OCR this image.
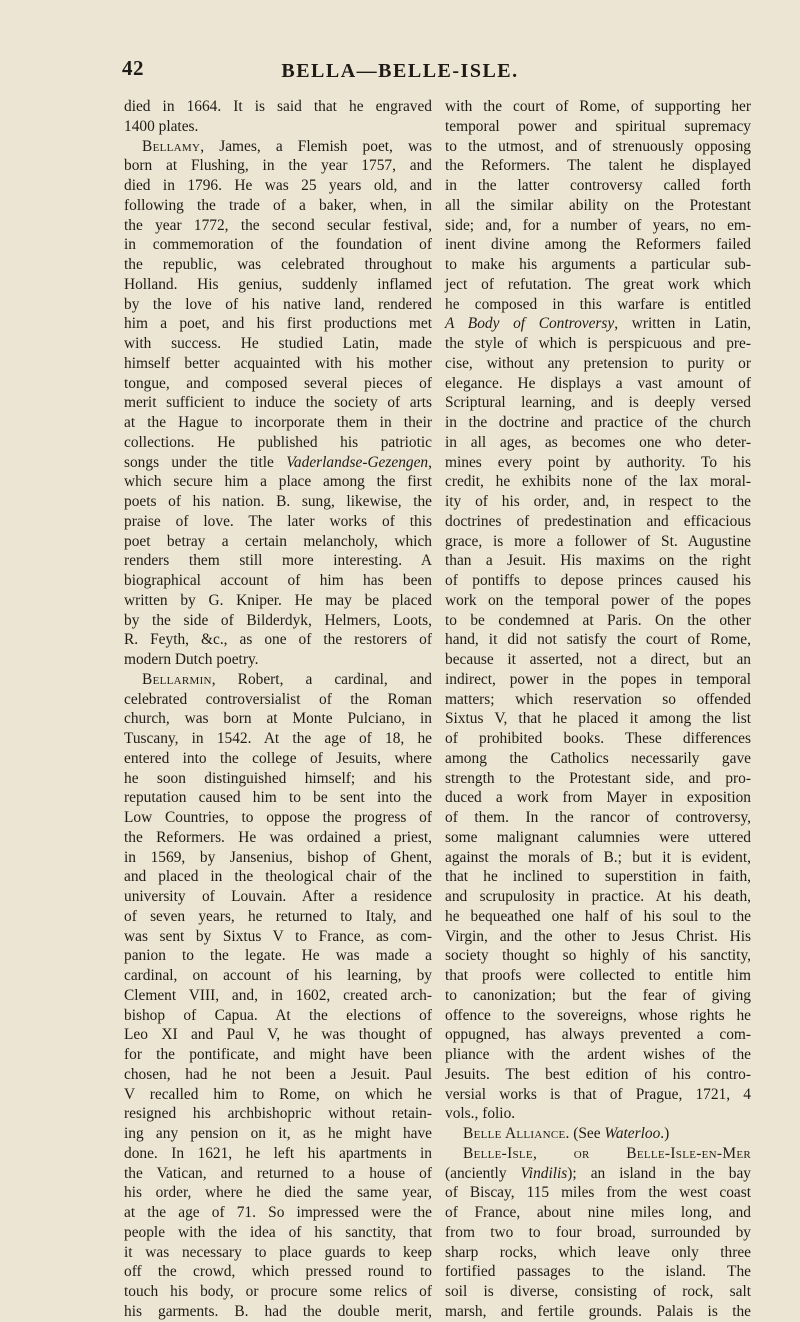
42	BELLA—BELLE-ISLE.
died in 1664. It is said that he engraved
1400 plates.
Bellamy, James, a Flemish poet, was
born at Flushing, in the year 1757, and
died in 1796. He was 25 years old, and
following the trade of a baker, when, in
the year 1772, the second secular festival,
in commemoration of the foundation of
the republic, was celebrated throughout
Holland. His genius, suddenly inflamed
by the love of his native land, rendered
him a poet, and his first productions met
with success. He studied Latin, made
himself better acquainted with his mother
tongue, and composed several pieces of
merit sufficient to induce the society of arts
at the Hague to incorporate them in their
collections. He published his patriotic
songs under the title Vaderlandse-Gezengen,
which secure him a place among the first
poets of his nation. B. sung, likewise, the
praise of love. The later works of this
poet betray a certain melancholy, which
renders them still more interesting. A
biographical account of him has been
written by G. Kniper. He may be placed
by the side of Bilderdyk, Helmers, Loots,
R. Feyth, &c., as one of the restorers of
modern Dutch poetry.
Bellarmin, Robert, a cardinal, and
celebrated controversialist of the Roman
church, was born at Monte Pulciano, in
Tuscany, in 1542. At the age of 18, he
entered into the college of Jesuits, where
he soon distinguished himself; and his
reputation caused him to be sent into the
Low Countries, to oppose the progress of
the Reformers. He was ordained a priest,
in 1569, by Jansenius, bishop of Ghent,
and placed in the theological chair of the
university of Louvain. After a residence
of seven years, he returned to Italy, and
was sent by Sixtus V to France, as com-
panion to the legate. He was made a
cardinal, on account of his learning, by
Clement VIII, and, in 1602, created arch-
bishop of Capua. At the elections of
Leo XI and Paul V, he was thought of
for the pontificate, and might have been
chosen, had he not been a Jesuit. Paul
V recalled him to Rome, on which he
resigned his archbishopric without retain-
ing any pension on it, as he might have
done. In 1621, he left his apartments in
the Vatican, and returned to a house of
his order, where he died the same year,
at the age of 71. So impressed were the
people with the idea of his sanctity, that
it was necessary to place guards to keep
off the crowd, which pressed round to
touch his body, or procure some relics of
his garments. B. had the double merit,
with the court of Rome, of supporting her
temporal power and spiritual supremacy
to the utmost, and of strenuously opposing
the Reformers. The talent he displayed
in the latter controversy called forth
all the similar ability on the Protestant
side; and, for a number of years, no em-
inent divine among the Reformers failed
to make his arguments a particular sub-
ject of refutation. The great work which
he composed in this warfare is entitled
A Body of Controversy, written in Latin,
the style of which is perspicuous and pre-
cise, without any pretension to purity or
elegance. He displays a vast amount of
Scriptural learning, and is deeply versed
in the doctrine and practice of the church
in all ages, as becomes one who deter-
mines every point by authority. To his
credit, he exhibits none of the lax moral-
ity of his order, and, in respect to the
doctrines of predestination and efficacious
grace, is more a follower of St. Augustine
than a Jesuit. His maxims on the right
of pontiffs to depose princes caused his
work on the temporal power of the popes
to be condemned at Paris. On the other
hand, it did not satisfy the court of Rome,
because it asserted, not a direct, but an
indirect, power in the popes in temporal
matters; which reservation so offended
Sixtus V, that he placed it among the list
of prohibited books. These differences
among the Catholics necessarily gave
strength to the Protestant side, and pro-
duced a work from Mayer in exposition
of them. In the rancor of controversy,
some malignant calumnies were uttered
against the morals of B.; but it is evident,
that he inclined to superstition in faith,
and scrupulosity in practice. At his death,
he bequeathed one half of his soul to the
Virgin, and the other to Jesus Christ. His
society thought so highly of his sanctity,
that proofs were collected to entitle him
to canonization; but the fear of giving
offence to the sovereigns, whose rights he
oppugned, has always prevented a com-
pliance with the ardent wishes of the
Jesuits. The best edition of his contro-
versial works is that of Prague, 1721, 4
vols., folio.
Belle Alliance. (See Waterloo.)
Belle-Isle, or Belle-Isle-en-Mer
(anciently Vindilis); an island in the bay
of Biscay, 115 miles from the west coast
of France, about nine miles long, and
from two to four broad, surrounded by
sharp rocks, which leave only three
fortified passages to the island. The
soil is diverse, consisting of rock, salt
marsh, and fertile grounds. Palais is the
